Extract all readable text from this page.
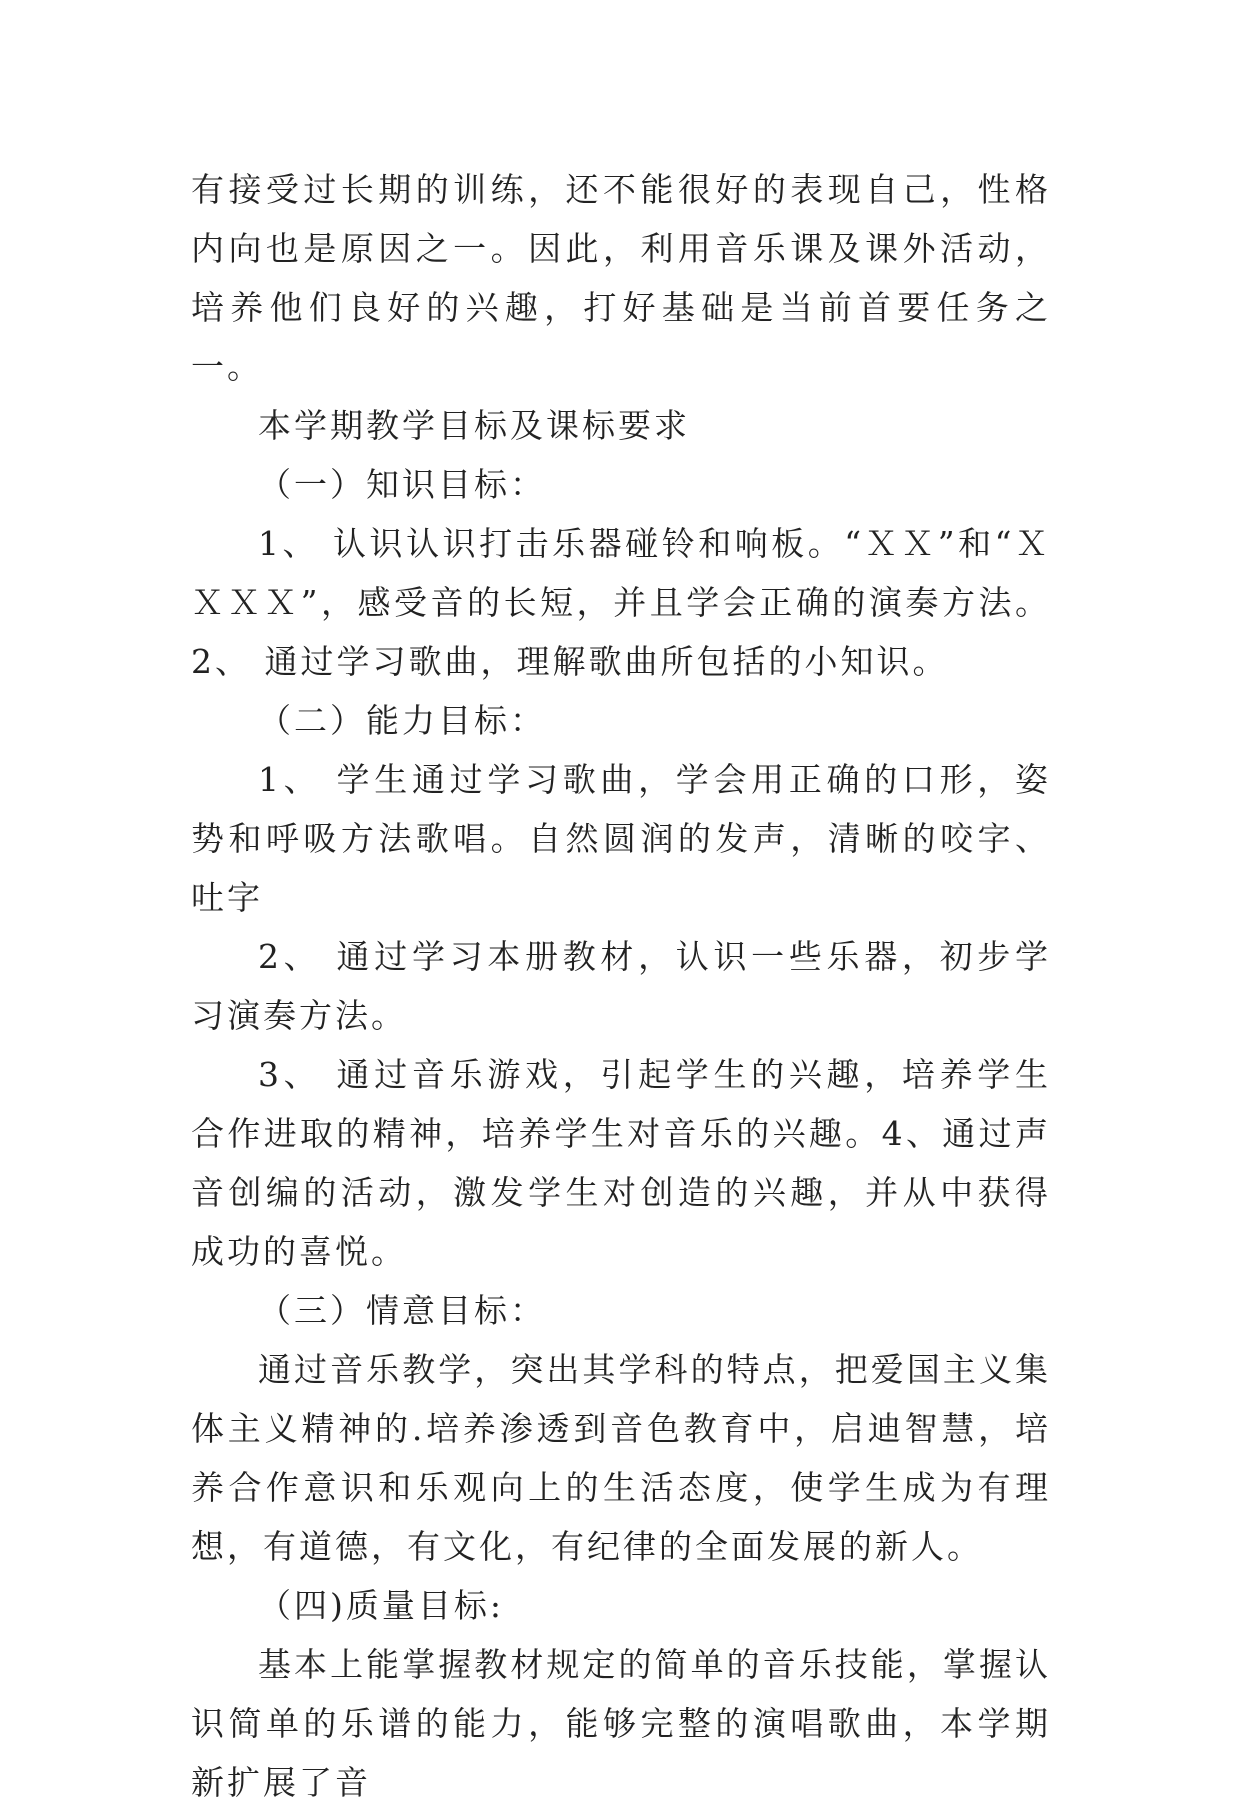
有接受过长期的训练，还不能很好的表现自己，性格内向也是原因之一。因此，利用音乐课及课外活动，培养他们良好的兴趣，打好基础是当前首要任务之一。

本学期教学目标及课标要求

（一）知识目标：

1、 认识认识打击乐器碰铃和响板。“ＸＸ”和“ＸＸＸＸ”，感受音的长短，并且学会正确的演奏方法。2、 通过学习歌曲，理解歌曲所包括的小知识。

（二）能力目标：

1、 学生通过学习歌曲，学会用正确的口形，姿势和呼吸方法歌唱。自然圆润的发声，清晰的咬字、吐字

2、 通过学习本册教材，认识一些乐器，初步学习演奏方法。

3、 通过音乐游戏，引起学生的兴趣，培养学生合作进取的精神，培养学生对音乐的兴趣。4、通过声音创编的活动，激发学生对创造的兴趣，并从中获得成功的喜悦。

（三）情意目标：

通过音乐教学，突出其学科的特点，把爱国主义集体主义精神的.培养渗透到音色教育中，启迪智慧，培养合作意识和乐观向上的生活态度，使学生成为有理想，有道德，有文化，有纪律的全面发展的新人。

（四)质量目标:

基本上能掌握教材规定的简单的音乐技能，掌握认识简单的乐谱的能力，能够完整的演唱歌曲，本学期新扩展了音
